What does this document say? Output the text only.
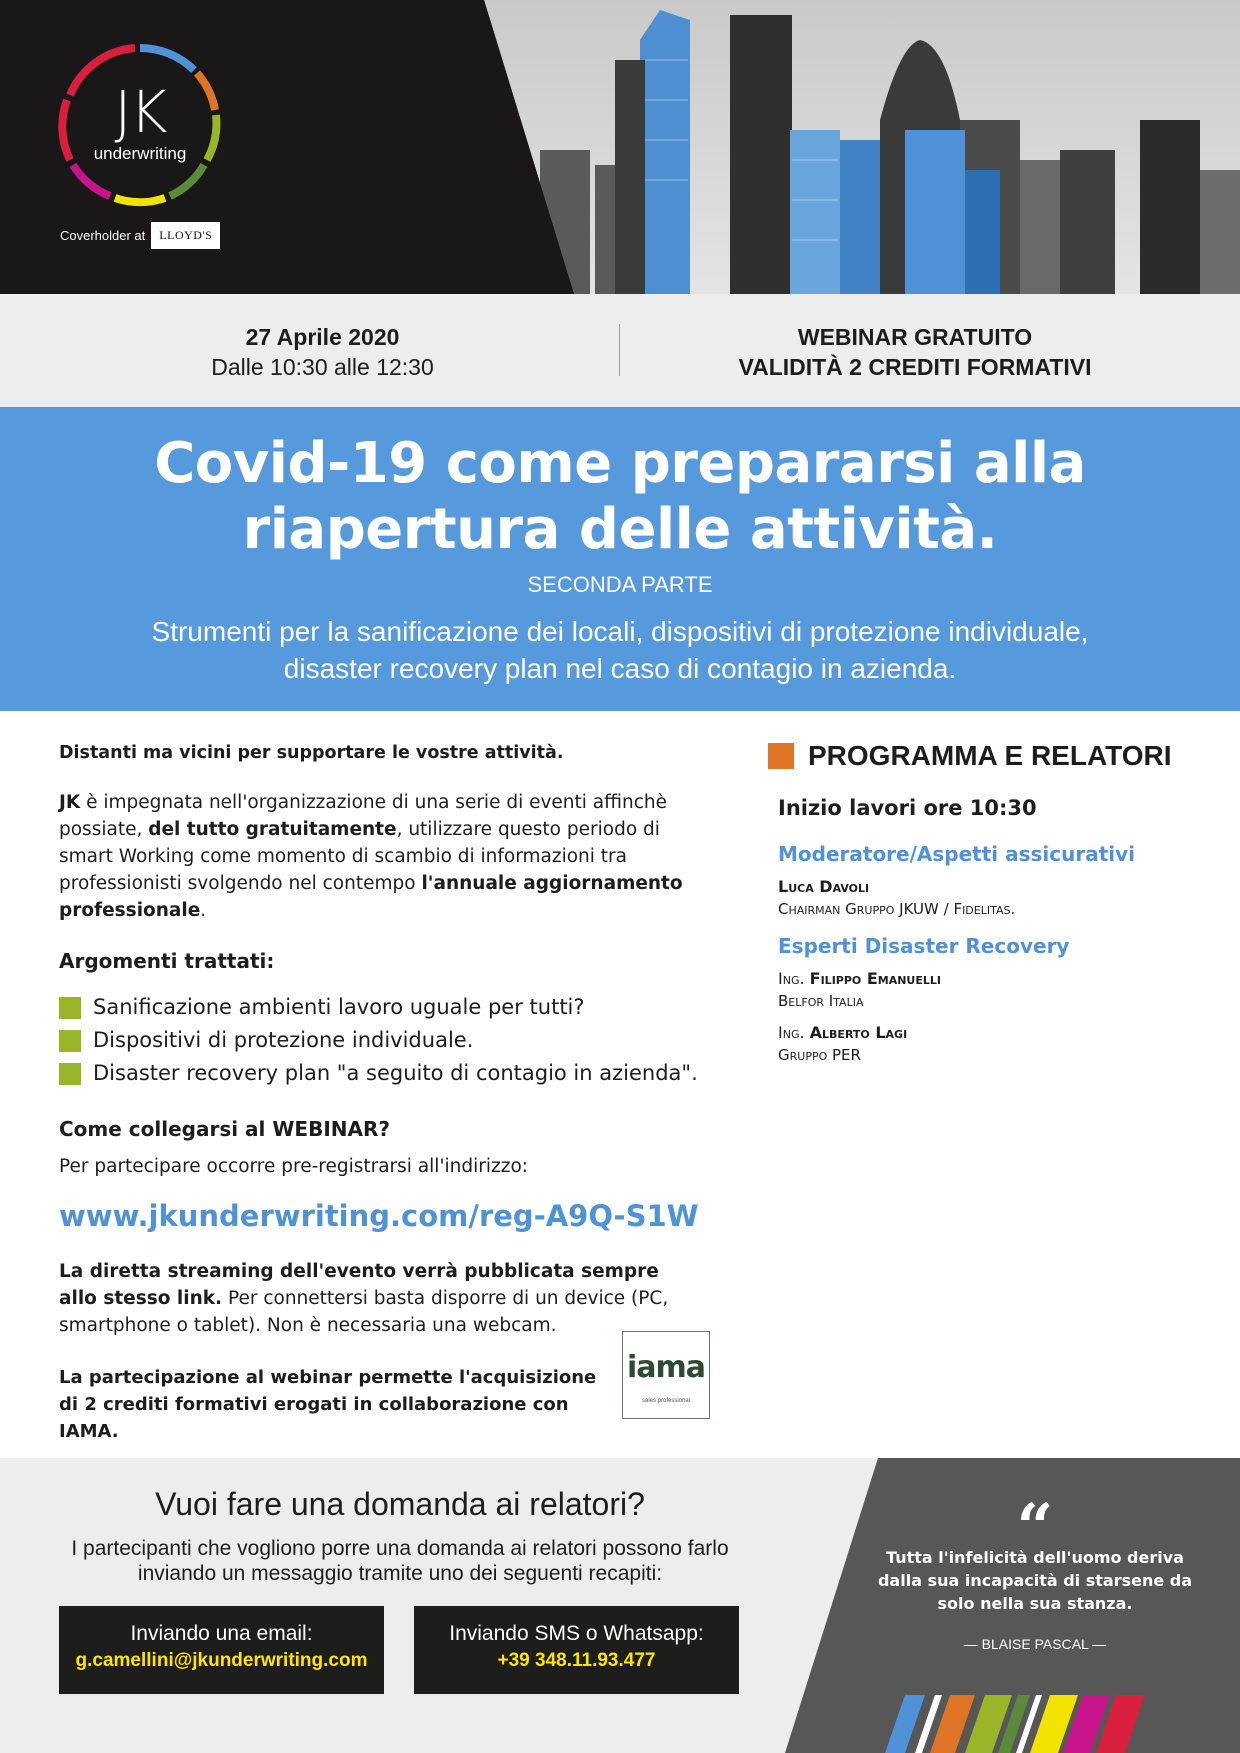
JK
underwriting
Coverholder at	LLOYD'S
27 Aprile 2020
Dalle 10:30 alle 12:30
WEBINAR GRATUITO
VALIDITÀ 2 CREDITI FORMATIVI
Covid-19 come prepararsi alla
riapertura delle attività.
SECONDA PARTE
Strumenti per la sanificazione dei locali, dispositivi di protezione individuale,
disaster recovery plan nel caso di contagio in azienda.
Distanti ma vicini per supportare le vostre attività.
JK è impegnata nell'organizzazione di una serie di eventi affinchè possiate, del tutto gratuitamente, utilizzare questo periodo di smart Working come momento di scambio di informazioni tra professionisti svolgendo nel contempo l'annuale aggiornamento professionale.
Argomenti trattati:
Sanificazione ambienti lavoro uguale per tutti?
Dispositivi di protezione individuale.
Disaster recovery plan "a seguito di contagio in azienda".
Come collegarsi al WEBINAR?
Per partecipare occorre pre-registrarsi all'indirizzo:
www.jkunderwriting.com/reg-A9Q-S1W
La diretta streaming dell'evento verrà pubblicata sempre allo stesso link. Per connettersi basta disporre di un device (PC, smartphone o tablet). Non è necessaria una webcam.
La partecipazione al webinar permette l'acquisizione
di 2 crediti formativi erogati in collaborazione con IAMA.
iama
sales professional
PROGRAMMA E RELATORI
Inizio lavori ore 10:30
Moderatore/Aspetti assicurativi
Luca Davoli
Chairman Gruppo JKUW / Fidelitas.
Esperti Disaster Recovery
Ing. Filippo Emanuelli
Belfor Italia
Ing. Alberto Lagi
Gruppo PER
Vuoi fare una domanda ai relatori?
I partecipanti che vogliono porre una domanda ai relatori possono farlo
inviando un messaggio tramite uno dei seguenti recapiti:
Inviando una email:
g.camellini@jkunderwriting.com
Inviando SMS o Whatsapp:
+39 348.11.93.477
“
Tutta l'infelicità dell'uomo deriva dalla sua incapacità di starsene da solo nella sua stanza.
— BLAISE PASCAL —
